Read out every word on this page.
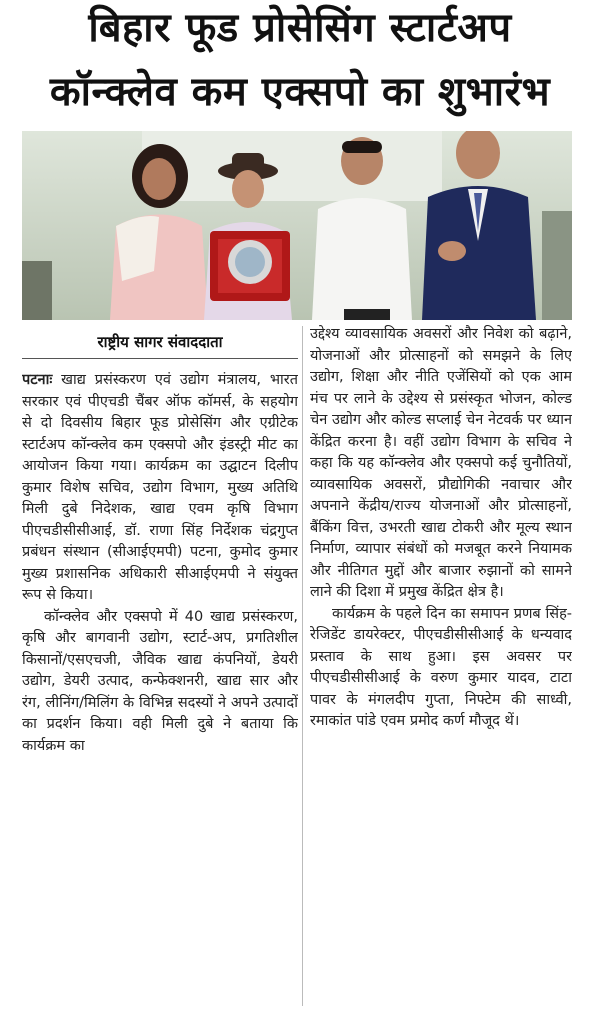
बिहार फूड प्रोसेसिंग स्टार्टअप
कॉन्क्लेव कम एक्सपो का शुभारंभ
राष्ट्रीय सागर संवाददाता

पटनाः खाद्य प्रसंस्करण एवं उद्योग मंत्रालय, भारत सरकार एवं पीएचडी चैंबर ऑफ कॉमर्स, के सहयोग से दो दिवसीय बिहार फूड प्रोसेसिंग और एग्रीटेक स्टार्टअप कॉन्क्लेव कम एक्सपो और इंडस्ट्री मीट का आयोजन किया गया। कार्यक्रम का उद्घाटन दिलीप कुमार विशेष सचिव, उद्योग विभाग, मुख्य अतिथि मिली दुबे निदेशक, खाद्य एवम कृषि विभाग पीएचडीसीसीआई, डॉ. राणा सिंह निर्देशक चंद्रगुप्त प्रबंधन संस्थान (सीआईएमपी) पटना, कुमोद कुमार मुख्य प्रशासनिक अधिकारी सीआईएमपी ने संयुक्त रूप से किया।

कॉन्क्लेव और एक्सपो में 40 खाद्य प्रसंस्करण, कृषि और बागवानी उद्योग, स्टार्ट-अप, प्रगतिशील किसानों/एसएचजी, जैविक खाद्य कंपनियों, डेयरी उद्योग, डेयरी उत्पाद, कन्फेक्शनरी, खाद्य सार और रंग, लीनिंग/मिलिंग के विभिन्न सदस्यों ने अपने उत्पादों का प्रदर्शन किया। वही मिली दुबे ने बताया कि कार्यक्रम का

उद्देश्य व्यावसायिक अवसरों और निवेश को बढ़ाने, योजनाओं और प्रोत्साहनों को समझने के लिए उद्योग, शिक्षा और नीति एजेंसियों को एक आम मंच पर लाने के उद्देश्य से प्रसंस्कृत भोजन, कोल्ड चेन उद्योग और कोल्ड सप्लाई चेन नेटवर्क पर ध्यान केंद्रित करना है। वहीं उद्योग विभाग के सचिव ने कहा कि यह कॉन्क्लेव और एक्सपो कई चुनौतियों, व्यावसायिक अवसरों, प्रौद्योगिकी नवाचार और अपनाने केंद्रीय/राज्य योजनाओं और प्रोत्साहनों, बैंकिंग वित्त, उभरती खाद्य टोकरी और मूल्य स्थान निर्माण, व्यापार संबंधों को मजबूत करने नियामक और नीतिगत मुद्दों और बाजार रुझानों को सामने लाने की दिशा में प्रमुख केंद्रित क्षेत्र है।

कार्यक्रम के पहले दिन का समापन प्रणब सिंह- रेजिडेंट डायरेक्टर, पीएचडीसीसीआई के धन्यवाद प्रस्ताव के साथ हुआ। इस अवसर पर पीएचडीसीसीआई के वरुण कुमार यादव, टाटा पावर के मंगलदीप गुप्ता, निफ्टेम की साध्वी, रमाकांत पांडे एवम प्रमोद कर्ण मौजूद थें।
